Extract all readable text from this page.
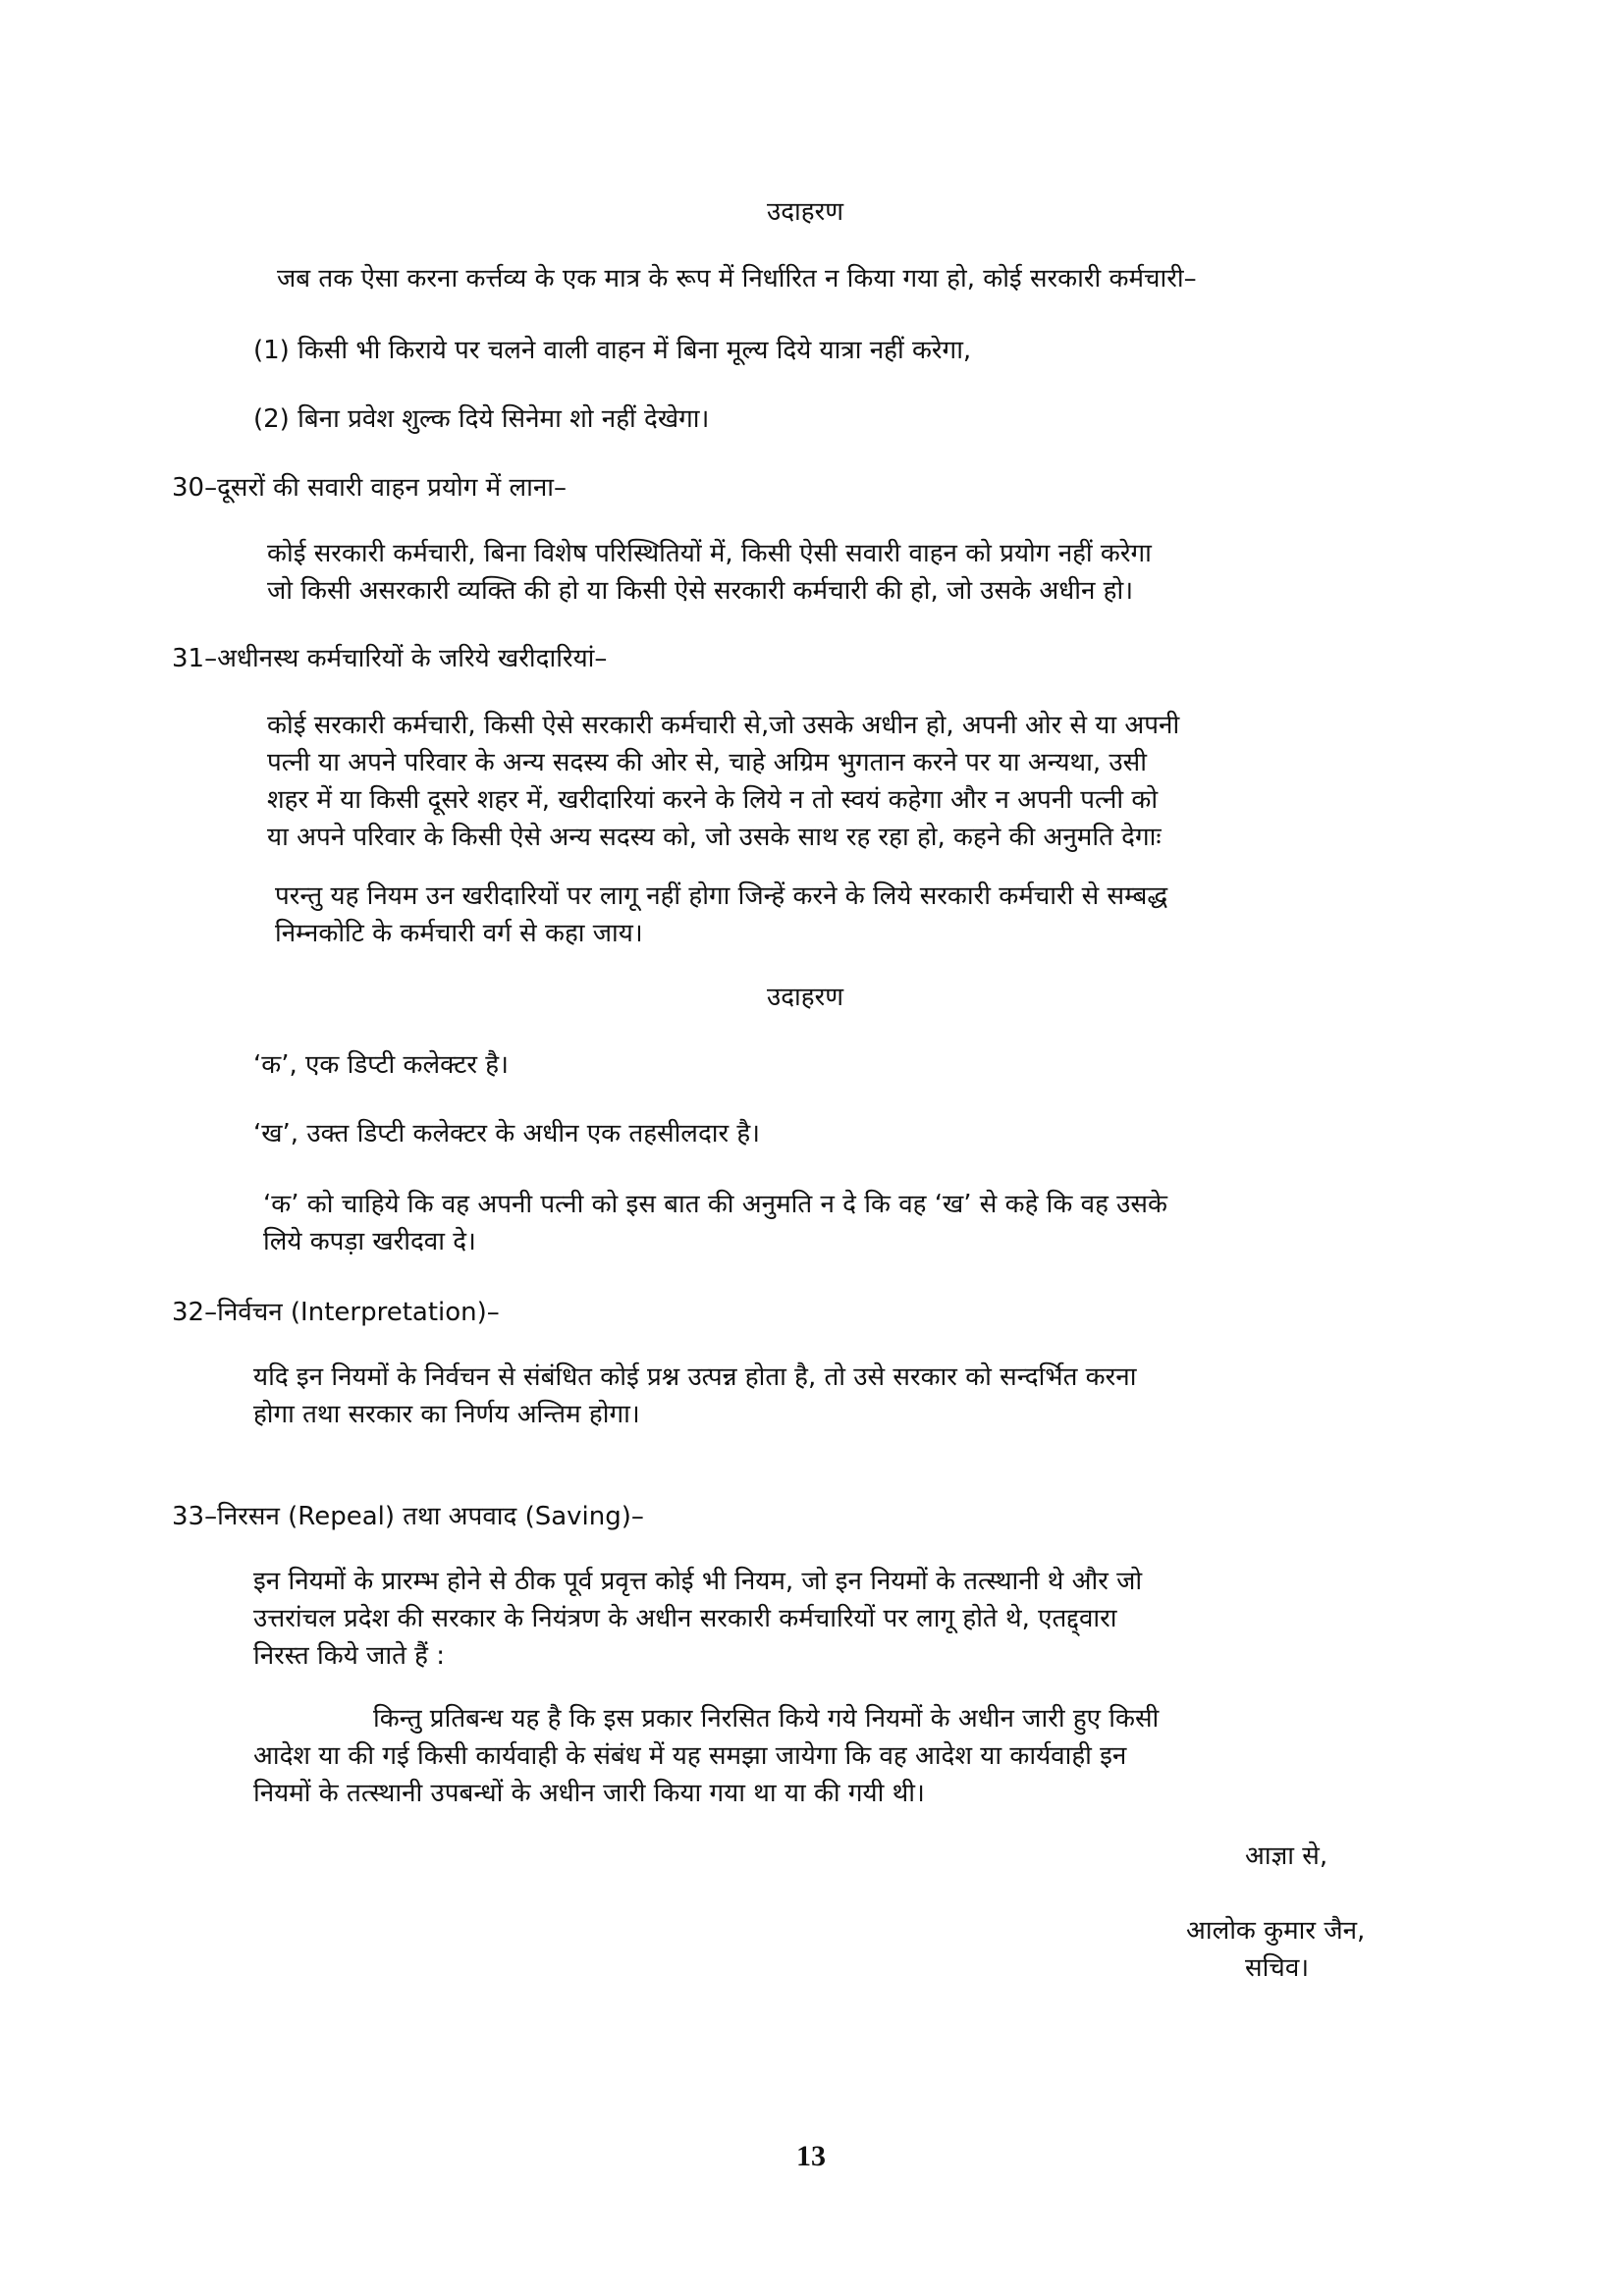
उदाहरण
जब तक ऐसा करना कर्त्तव्य के एक मात्र के रूप में निर्धारित न किया गया हो, कोई सरकारी कर्मचारी–
(1) किसी भी किराये पर चलने वाली वाहन में बिना मूल्य दिये यात्रा नहीं करेगा,
(2) बिना प्रवेश शुल्क दिये सिनेमा शो नहीं देखेगा।
30–दूसरों की सवारी वाहन प्रयोग में लाना–
कोई सरकारी कर्मचारी, बिना विशेष परिस्थितियों में, किसी ऐसी सवारी वाहन को प्रयोग नहीं करेगा
जो किसी असरकारी व्यक्ति की हो या किसी ऐसे सरकारी कर्मचारी की हो, जो उसके अधीन हो।
31–अधीनस्थ कर्मचारियों के जरिये खरीदारियां–
कोई सरकारी कर्मचारी, किसी ऐसे सरकारी कर्मचारी से,जो उसके अधीन हो, अपनी ओर से या अपनी
पत्नी या अपने परिवार के अन्य सदस्य की ओर से, चाहे अग्रिम भुगतान करने पर या अन्यथा, उसी
शहर में या किसी दूसरे शहर में, खरीदारियां करने के लिये न तो स्वयं कहेगा और न अपनी पत्नी को
या अपने परिवार के किसी ऐसे अन्य सदस्य को, जो उसके साथ रह रहा हो, कहने की अनुमति देगाः
परन्तु यह नियम उन खरीदारियों पर लागू नहीं होगा जिन्हें करने के लिये सरकारी कर्मचारी से सम्बद्ध
निम्नकोटि के कर्मचारी वर्ग से कहा जाय।
उदाहरण
‘क’, एक डिप्टी कलेक्टर है।
‘ख’, उक्त डिप्टी कलेक्टर के अधीन एक तहसीलदार है।
‘क’ को चाहिये कि वह अपनी पत्नी को इस बात की अनुमति न दे कि वह ‘ख’ से कहे कि वह उसके
लिये कपड़ा खरीदवा दे।
32–निर्वचन (Interpretation)–
यदि इन नियमों के निर्वचन से संबंधित कोई प्रश्न उत्पन्न होता है, तो उसे सरकार को सन्दर्भित करना
होगा तथा सरकार का निर्णय अन्तिम होगा।
33–निरसन (Repeal) तथा अपवाद (Saving)–
इन नियमों के प्रारम्भ होने से ठीक पूर्व प्रवृत्त कोई भी नियम, जो इन नियमों के तत्स्थानी थे और जो
उत्तरांचल प्रदेश की सरकार के नियंत्रण के अधीन सरकारी कर्मचारियों पर लागू होते थे, एतद्द्वारा
निरस्त किये जाते हैं :
किन्तु प्रतिबन्ध यह है कि इस प्रकार निरसित किये गये नियमों के अधीन जारी हुए किसी
आदेश या की गई किसी कार्यवाही के संबंध में यह समझा जायेगा कि वह आदेश या कार्यवाही इन
नियमों के तत्स्थानी उपबन्धों के अधीन जारी किया गया था या की गयी थी।
आज्ञा से,
आलोक कुमार जैन,
सचिव।
13
